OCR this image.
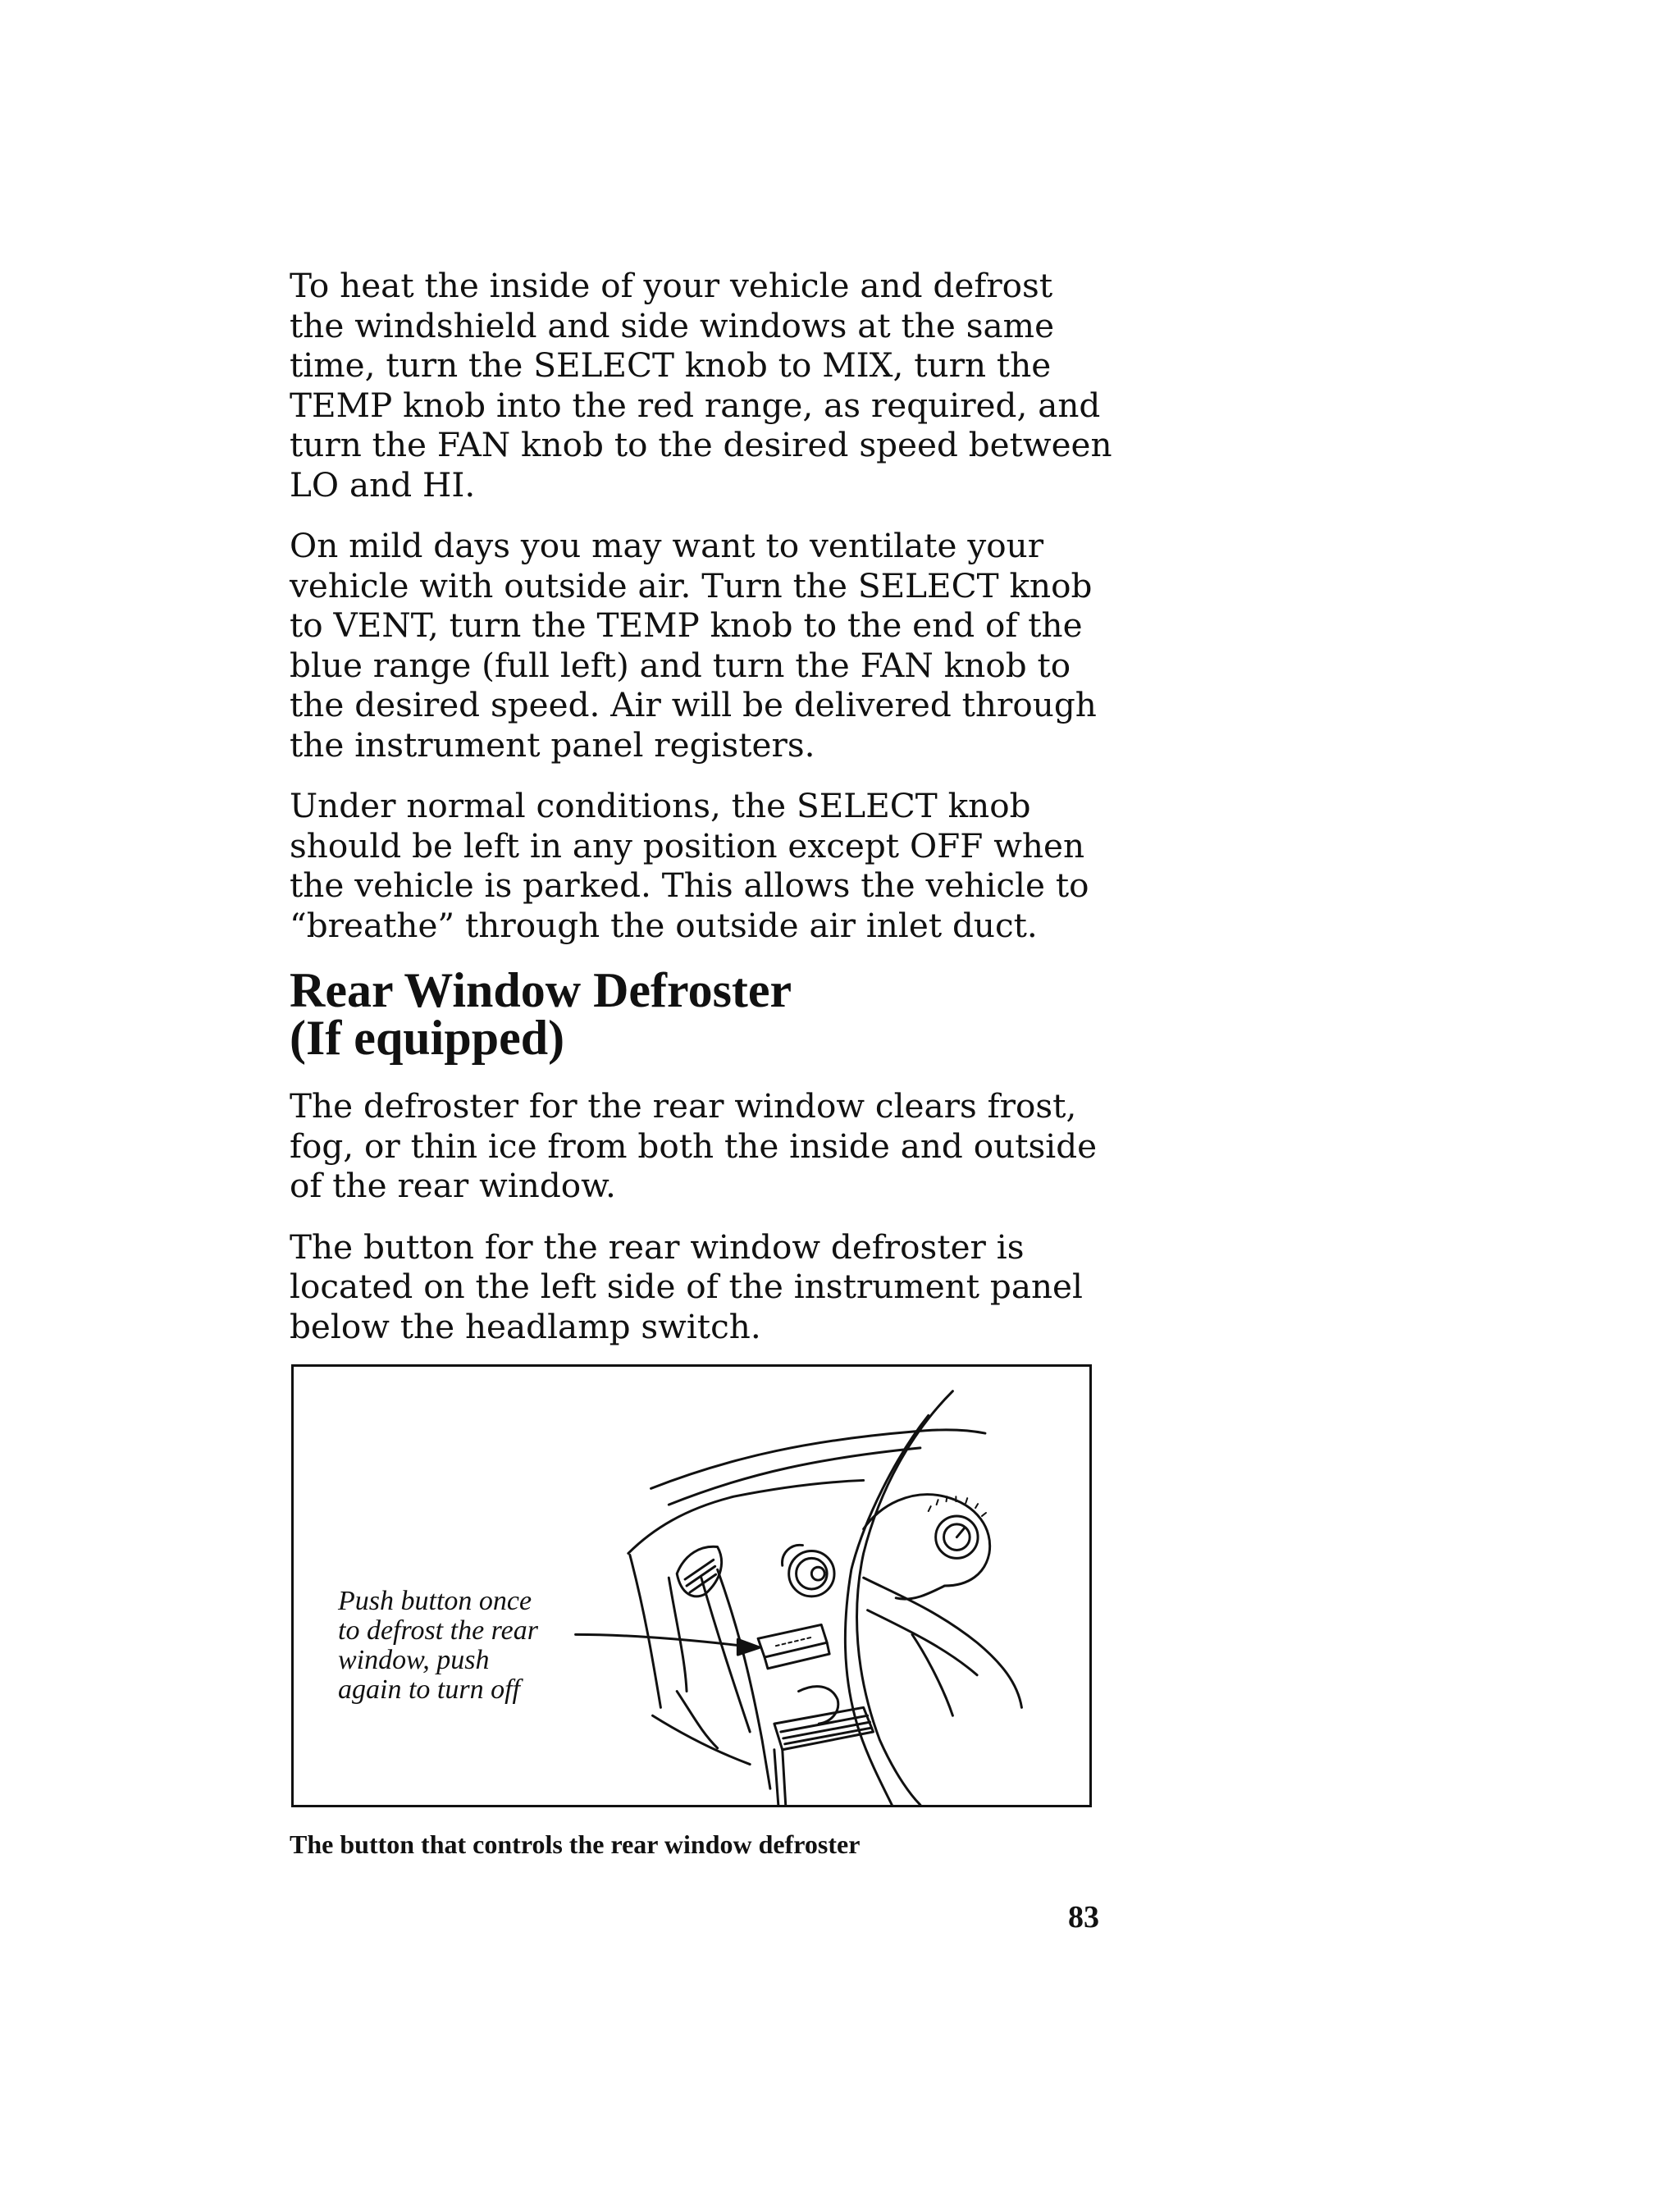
To heat the inside of your vehicle and defrost
the windshield and side windows at the same
time, turn the SELECT knob to MIX, turn the
TEMP knob into the red range, as required, and
turn the FAN knob to the desired speed between
LO and HI.

On mild days you may want to ventilate your
vehicle with outside air. Turn the SELECT knob
to VENT, turn the TEMP knob to the end of the
blue range (full left) and turn the FAN knob to
the desired speed. Air will be delivered through
the instrument panel registers.

Under normal conditions, the SELECT knob
should be left in any position except OFF when
the vehicle is parked. This allows the vehicle to
“breathe” through the outside air inlet duct.

Rear Window Defroster
(If equipped)

The defroster for the rear window clears frost,
fog, or thin ice from both the inside and outside
of the rear window.

The button for the rear window defroster is
located on the left side of the instrument panel
below the headlamp switch.

Push button once
to defrost the rear
window, push
again to turn off
The button that controls the rear window defroster
83
